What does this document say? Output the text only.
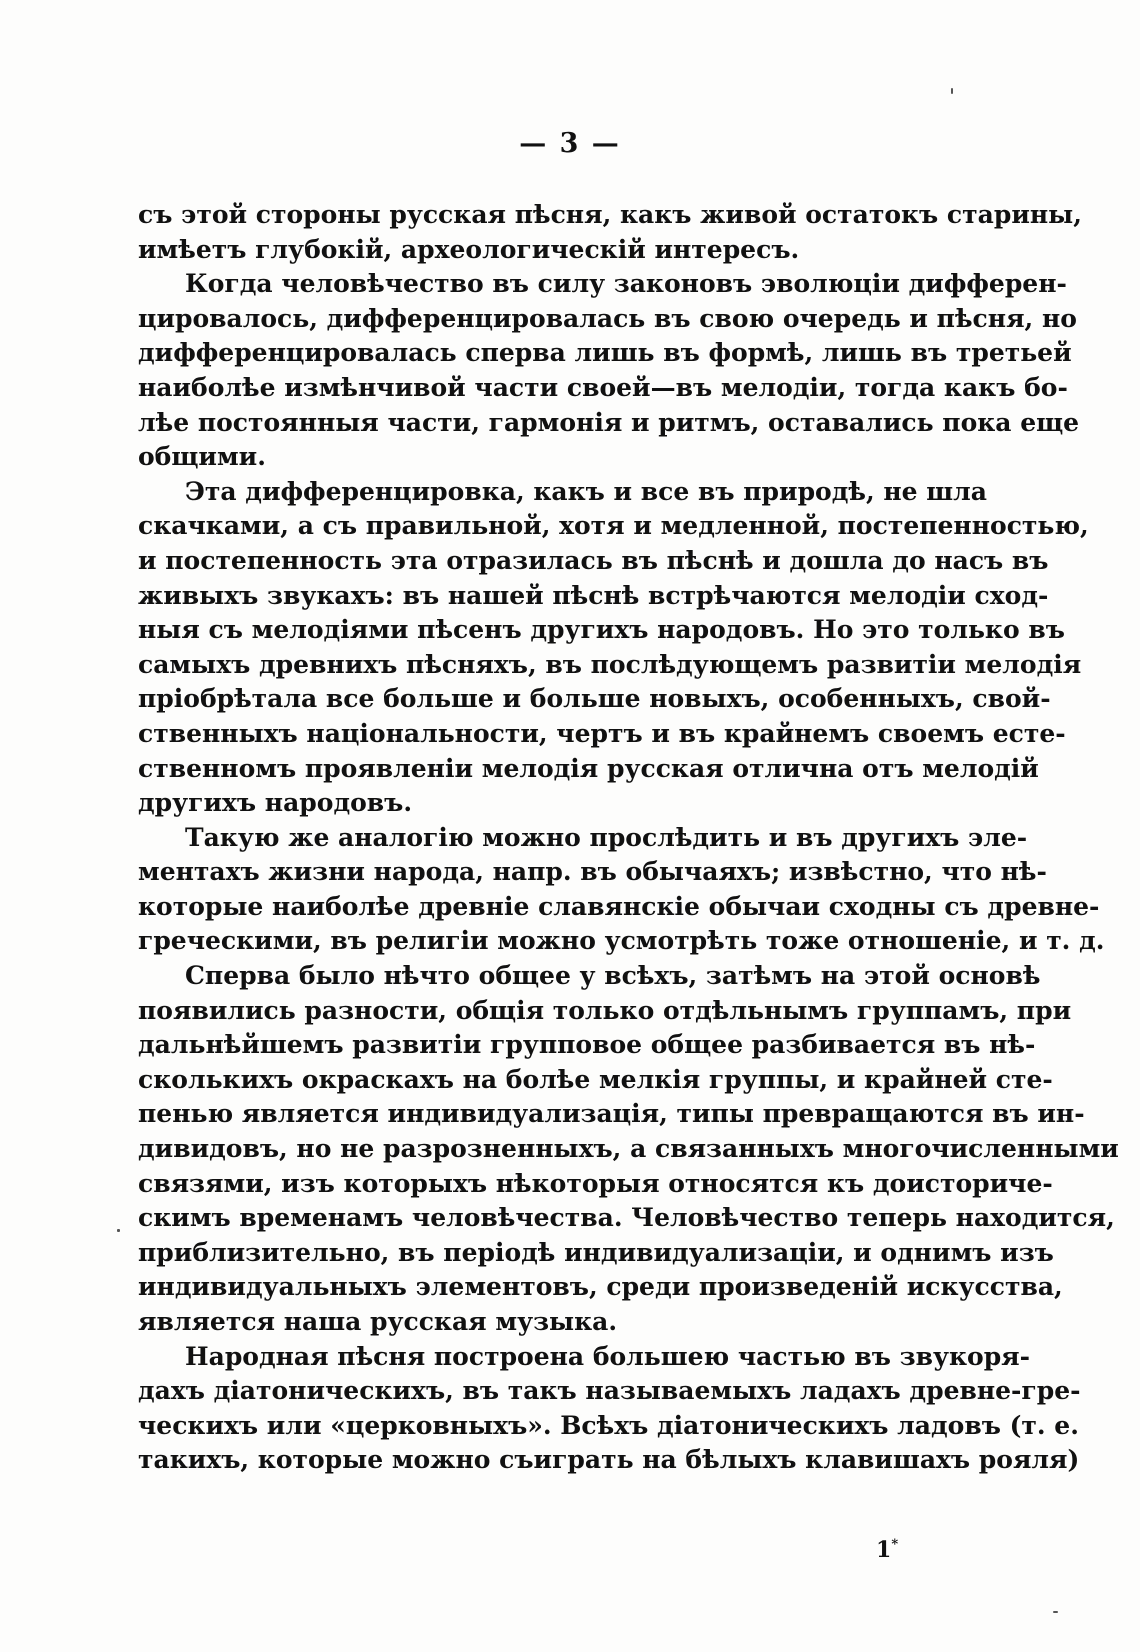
— 3 —
съ этой стороны русская пѣсня, какъ живой остатокъ старины,
имѣетъ глубокій, археологическій интересъ.
Когда человѣчество въ силу законовъ эволюціи дифферен-
цировалось, дифференцировалась въ свою очередь и пѣсня, но
дифференцировалась сперва лишь въ формѣ, лишь въ третьей
наиболѣе измѣнчивой части своей—въ мелодіи, тогда какъ бо-
лѣе постоянныя части, гармонія и ритмъ, оставались пока еще
общими.
Эта дифференцировка, какъ и все въ природѣ, не шла
скачками, а съ правильной, хотя и медленной, постепенностью,
и постепенность эта отразилась въ пѣснѣ и дошла до насъ въ
живыхъ звукахъ: въ нашей пѣснѣ встрѣчаются мелодіи сход-
ныя съ мелодіями пѣсенъ другихъ народовъ. Но это только въ
самыхъ древнихъ пѣсняхъ, въ послѣдующемъ развитіи мелодія
пріобрѣтала все больше и больше новыхъ, особенныхъ, свой-
ственныхъ національности, чертъ и въ крайнемъ своемъ есте-
ственномъ проявленіи мелодія русская отлична отъ мелодій
другихъ народовъ.
Такую же аналогію можно прослѣдить и въ другихъ эле-
ментахъ жизни народа, напр. въ обычаяхъ; извѣстно, что нѣ-
которые наиболѣе древніе славянскіе обычаи сходны съ древне-
греческими, въ религіи можно усмотрѣть тоже отношеніе, и т. д.
Сперва было нѣчто общее у всѣхъ, затѣмъ на этой основѣ
появились разности, общія только отдѣльнымъ группамъ, при
дальнѣйшемъ развитіи групповое общее разбивается въ нѣ-
сколькихъ окраскахъ на болѣе мелкія группы, и крайней сте-
пенью является индивидуализація, типы превращаются въ ин-
дивидовъ, но не разрозненныхъ, а связанныхъ многочисленными
связями, изъ которыхъ нѣкоторыя относятся къ доисториче-
скимъ временамъ человѣчества. Человѣчество теперь находится,
приблизительно, въ періодѣ индивидуализаціи, и однимъ изъ
индивидуальныхъ элементовъ, среди произведеній искусства,
является наша русская музыка.
Народная пѣсня построена большею частью въ звукоря-
дахъ діатоническихъ, въ такъ называемыхъ ладахъ древне-гре-
ческихъ или «церковныхъ». Всѣхъ діатоническихъ ладовъ (т. е.
такихъ, которые можно съиграть на бѣлыхъ клавишахъ рояля)
1*
